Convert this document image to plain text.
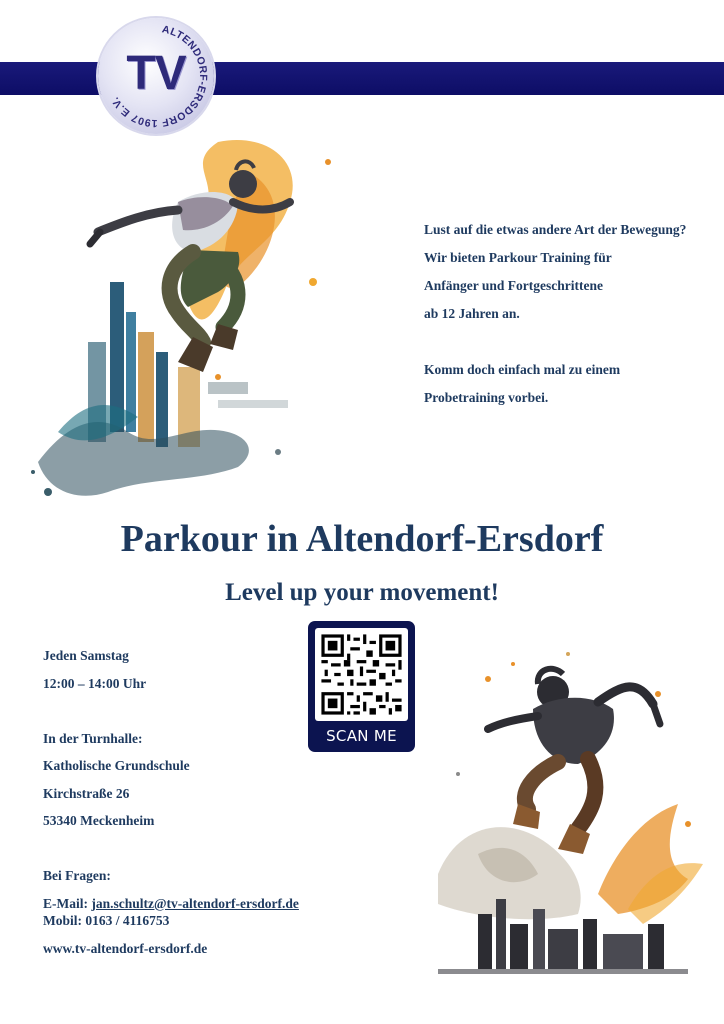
ALTENDORF-ERSDORF 1907 E.V. TV

Lust auf die etwas andere Art der Bewegung?

Wir bieten Parkour Training für

Anfänger und Fortgeschrittene

ab 12 Jahren an.

Komm doch einfach mal zu einem

Probetraining vorbei.

Parkour in Altendorf-Ersdorf
Level up your movement!

Jeden Samstag

12:00 – 14:00 Uhr

In der Turnhalle:

Katholische Grundschule

Kirchstraße 26

53340 Meckenheim

Bei Fragen:

E-Mail: jan.schultz@tv-altendorf-ersdorf.de

Mobil: 0163 / 4116753

www.tv-altendorf-ersdorf.de

SCAN ME
